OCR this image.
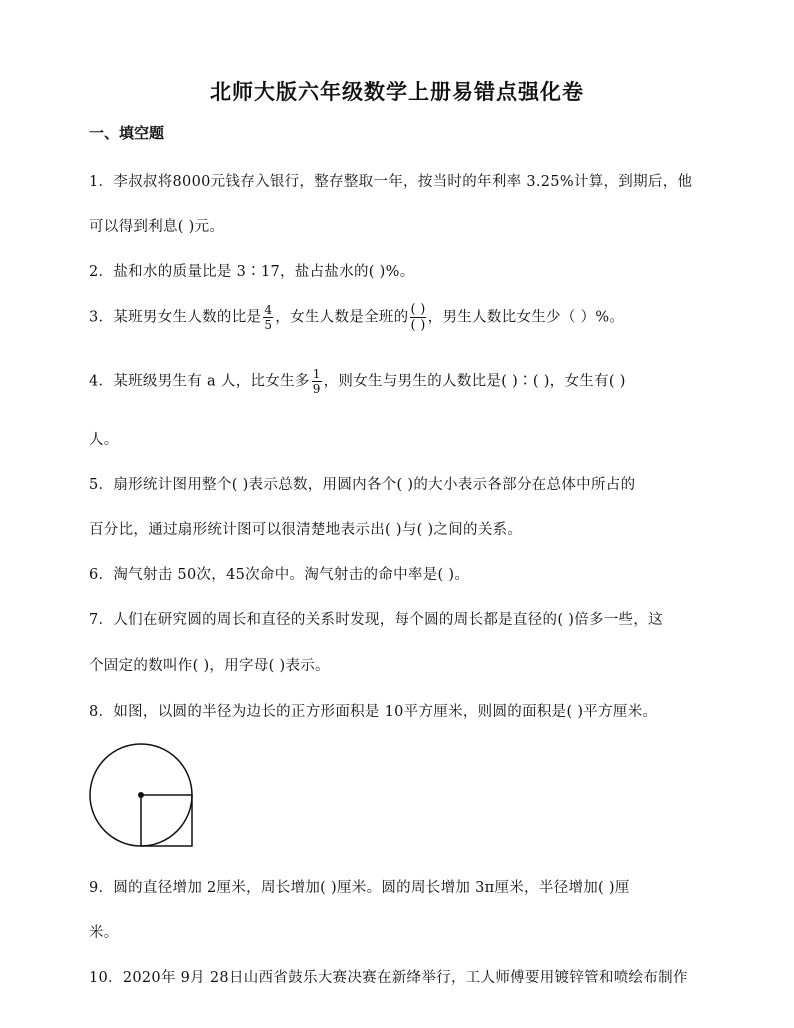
北师大版六年级数学上册易错点强化卷
一、填空题
1．李叔叔将8000元钱存入银行，整存整取一年，按当时的年利率 3.25%计算，到期后，他
可以得到利息( )元。
2．盐和水的质量比是 3∶17，盐占盐水的( )%。
3．某班男女生人数的比是 $\frac{4}{5}$ ，女生人数是全班的 $\frac{( )}{( )}$ ，男生人数比女生少（ ）%。
4．某班级男生有 a 人，比女生多 $\frac{1}{9}$ ，则女生与男生的人数比是( )∶( )，女生有( )
人。
5．扇形统计图用整个( )表示总数，用圆内各个( )的大小表示各部分在总体中所占的
百分比，通过扇形统计图可以很清楚地表示出( )与( )之间的关系。
6．淘气射击 50次，45次命中。淘气射击的命中率是( )。
7．人们在研究圆的周长和直径的关系时发现，每个圆的周长都是直径的( )倍多一些，这
个固定的数叫作( )，用字母( )表示。
8．如图，以圆的半径为边长的正方形面积是 10平方厘米，则圆的面积是( )平方厘米。
9．圆的直径增加 2厘米，周长增加( )厘米。圆的周长增加 3π厘米，半径增加( )厘
米。
10．2020年 9月 28日山西省鼓乐大赛决赛在新绛举行，工人师傅要用镀锌管和喷绘布制作
